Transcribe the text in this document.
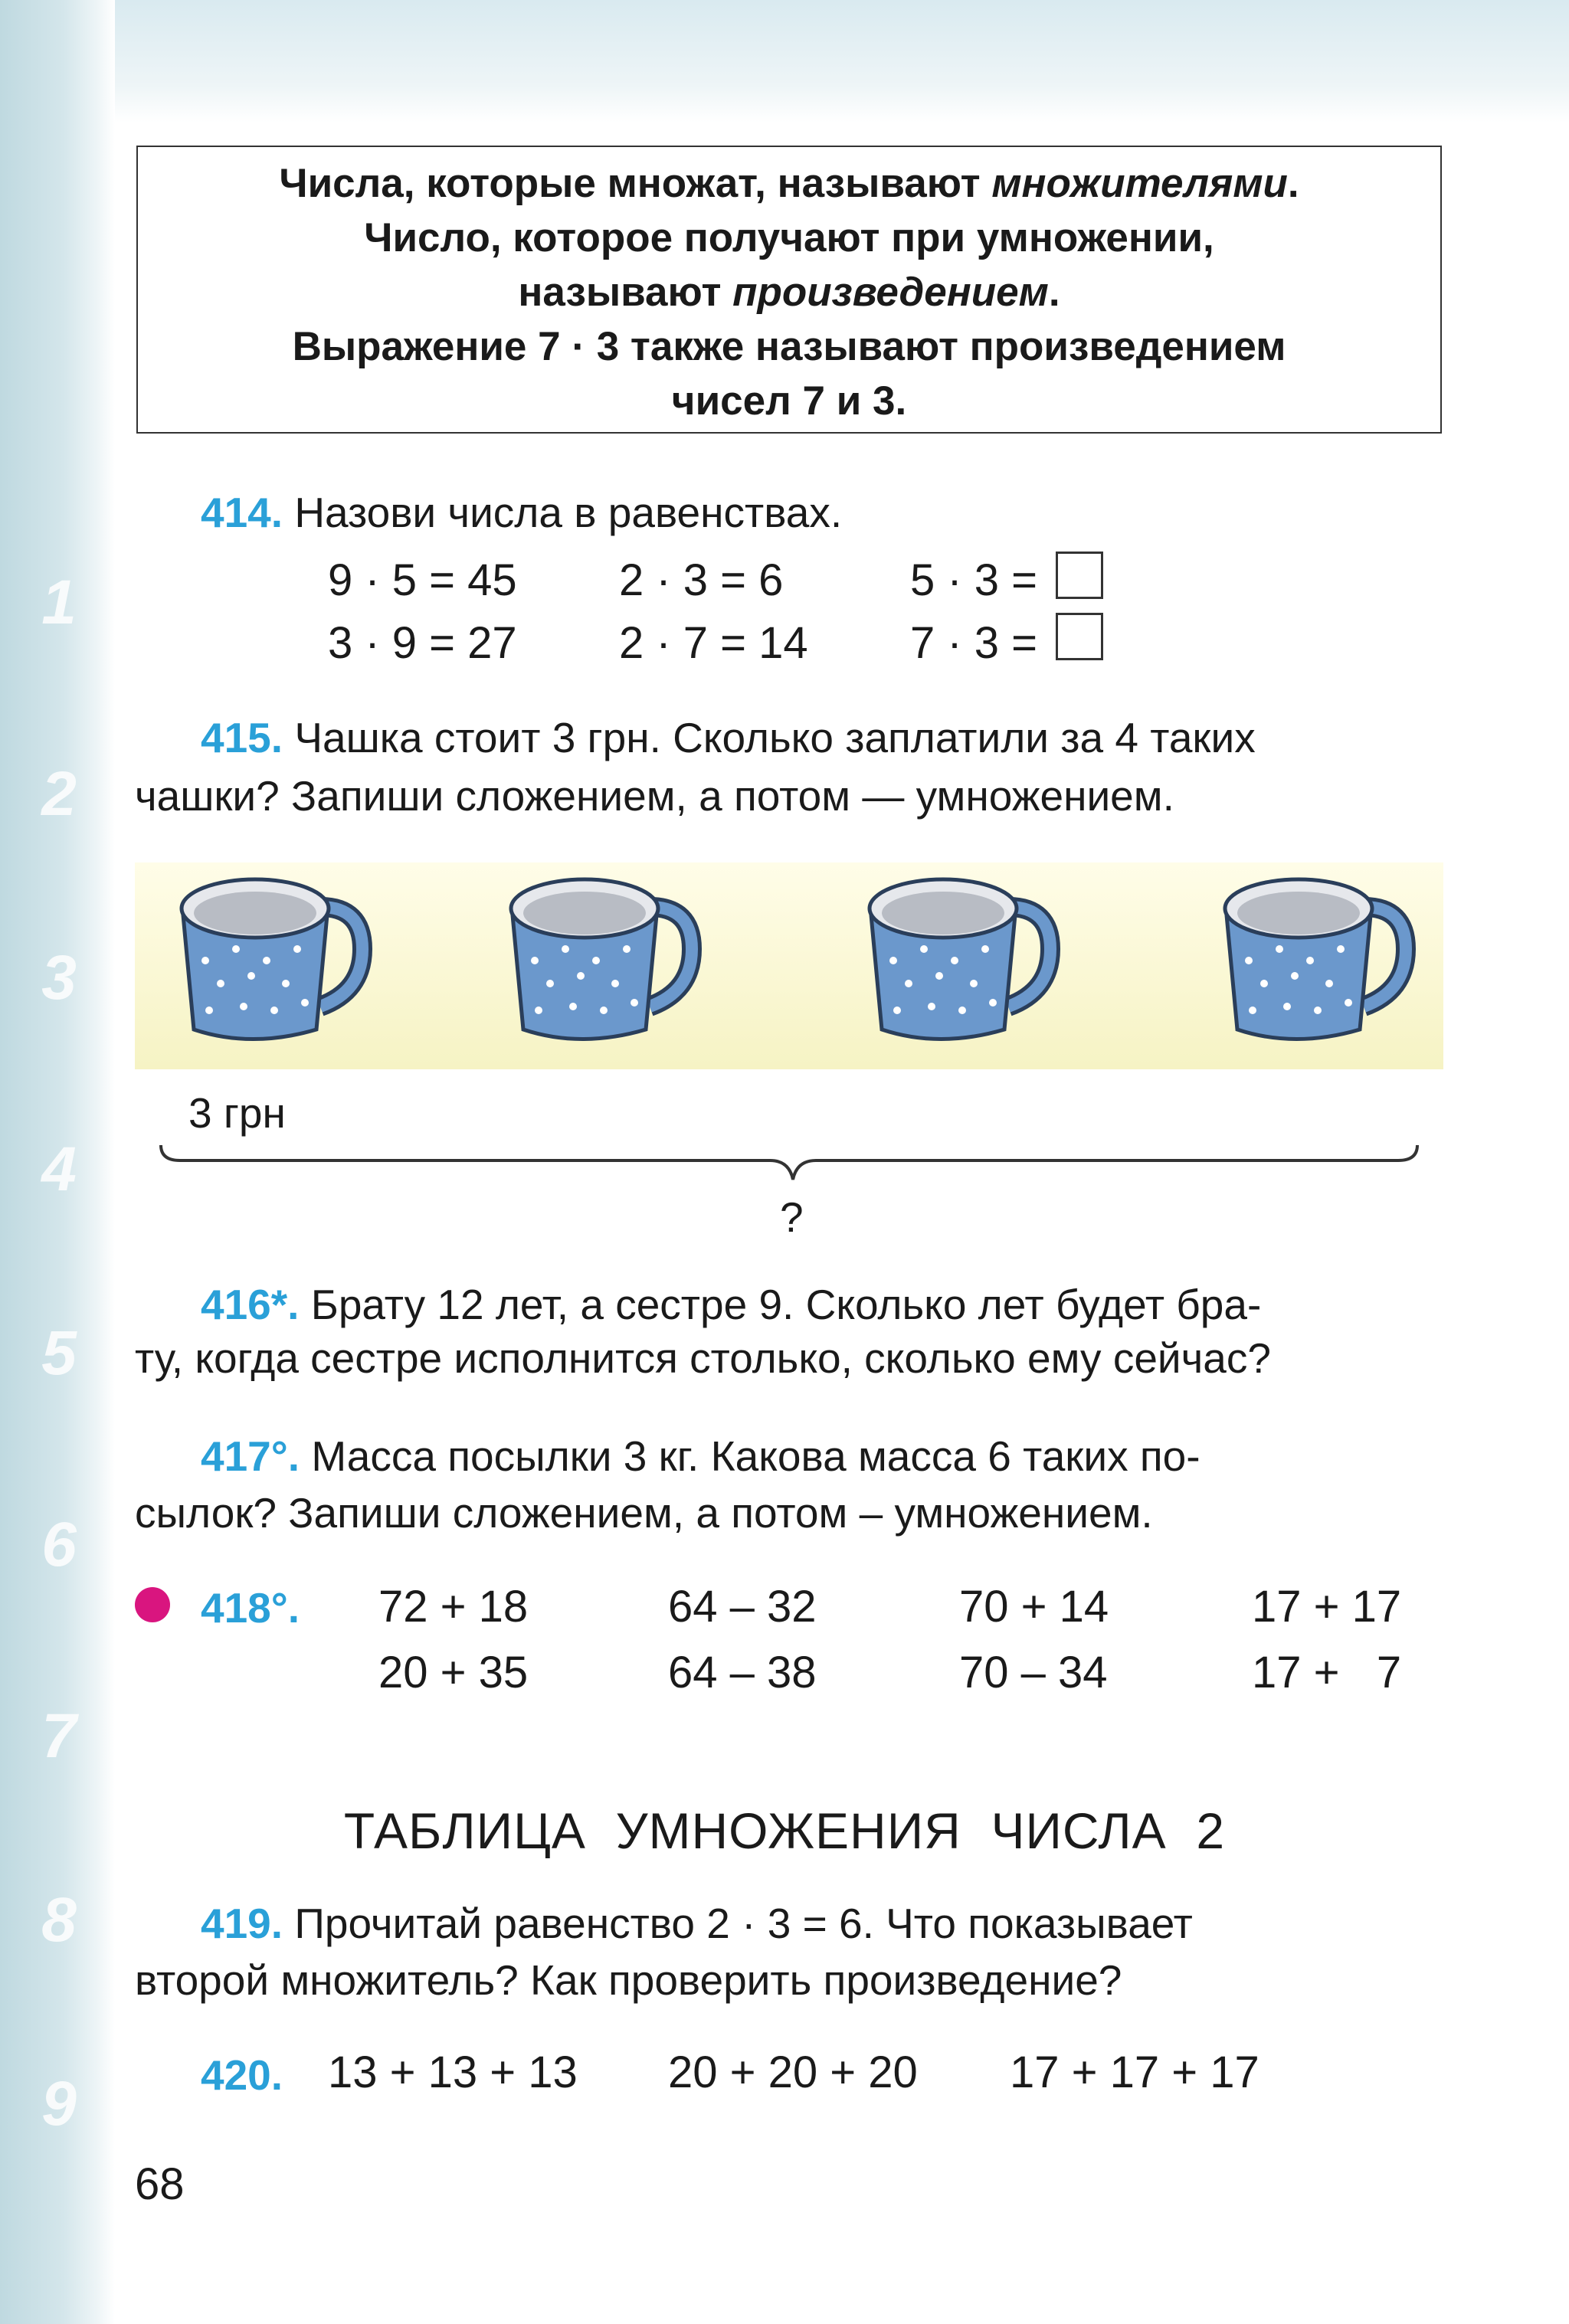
1
2
3
4
5
6
7
8
9
Числа, которые множат, называют множителями.
Число, которое получают при умножении,
называют произведением.
Выражение 7 · 3 также называют произведением
чисел 7 и 3.
414. Назови числа в равенствах.
9 · 5 = 45 2 · 3 = 6	5 · 3 =
3 · 9 = 27 2 · 7 = 14 7 · 3 =
415. Чашка стоит 3 грн. Сколько заплатили за 4 таких
чашки? Запиши сложением, а потом — умножением.
3 грн
?
416*. Брату 12 лет, а сестре 9. Сколько лет будет бра-
ту, когда сестре исполнится столько, сколько ему сейчас?
417°. Масса посылки 3 кг. Какова масса 6 таких по-
сылок? Запиши сложением, а потом – умножением.
418°. 72 + 18	64 – 32	70 + 14	17 + 17
20 + 35	64 – 38	70 – 34	17 +   7
ТАБЛИЦА  УМНОЖЕНИЯ  ЧИСЛА  2
419. Прочитай равенство 2 · 3 = 6. Что показывает
второй множитель? Как проверить произведение?
420. 13 + 13 + 13 20 + 20 + 20 17 + 17 + 17
68
